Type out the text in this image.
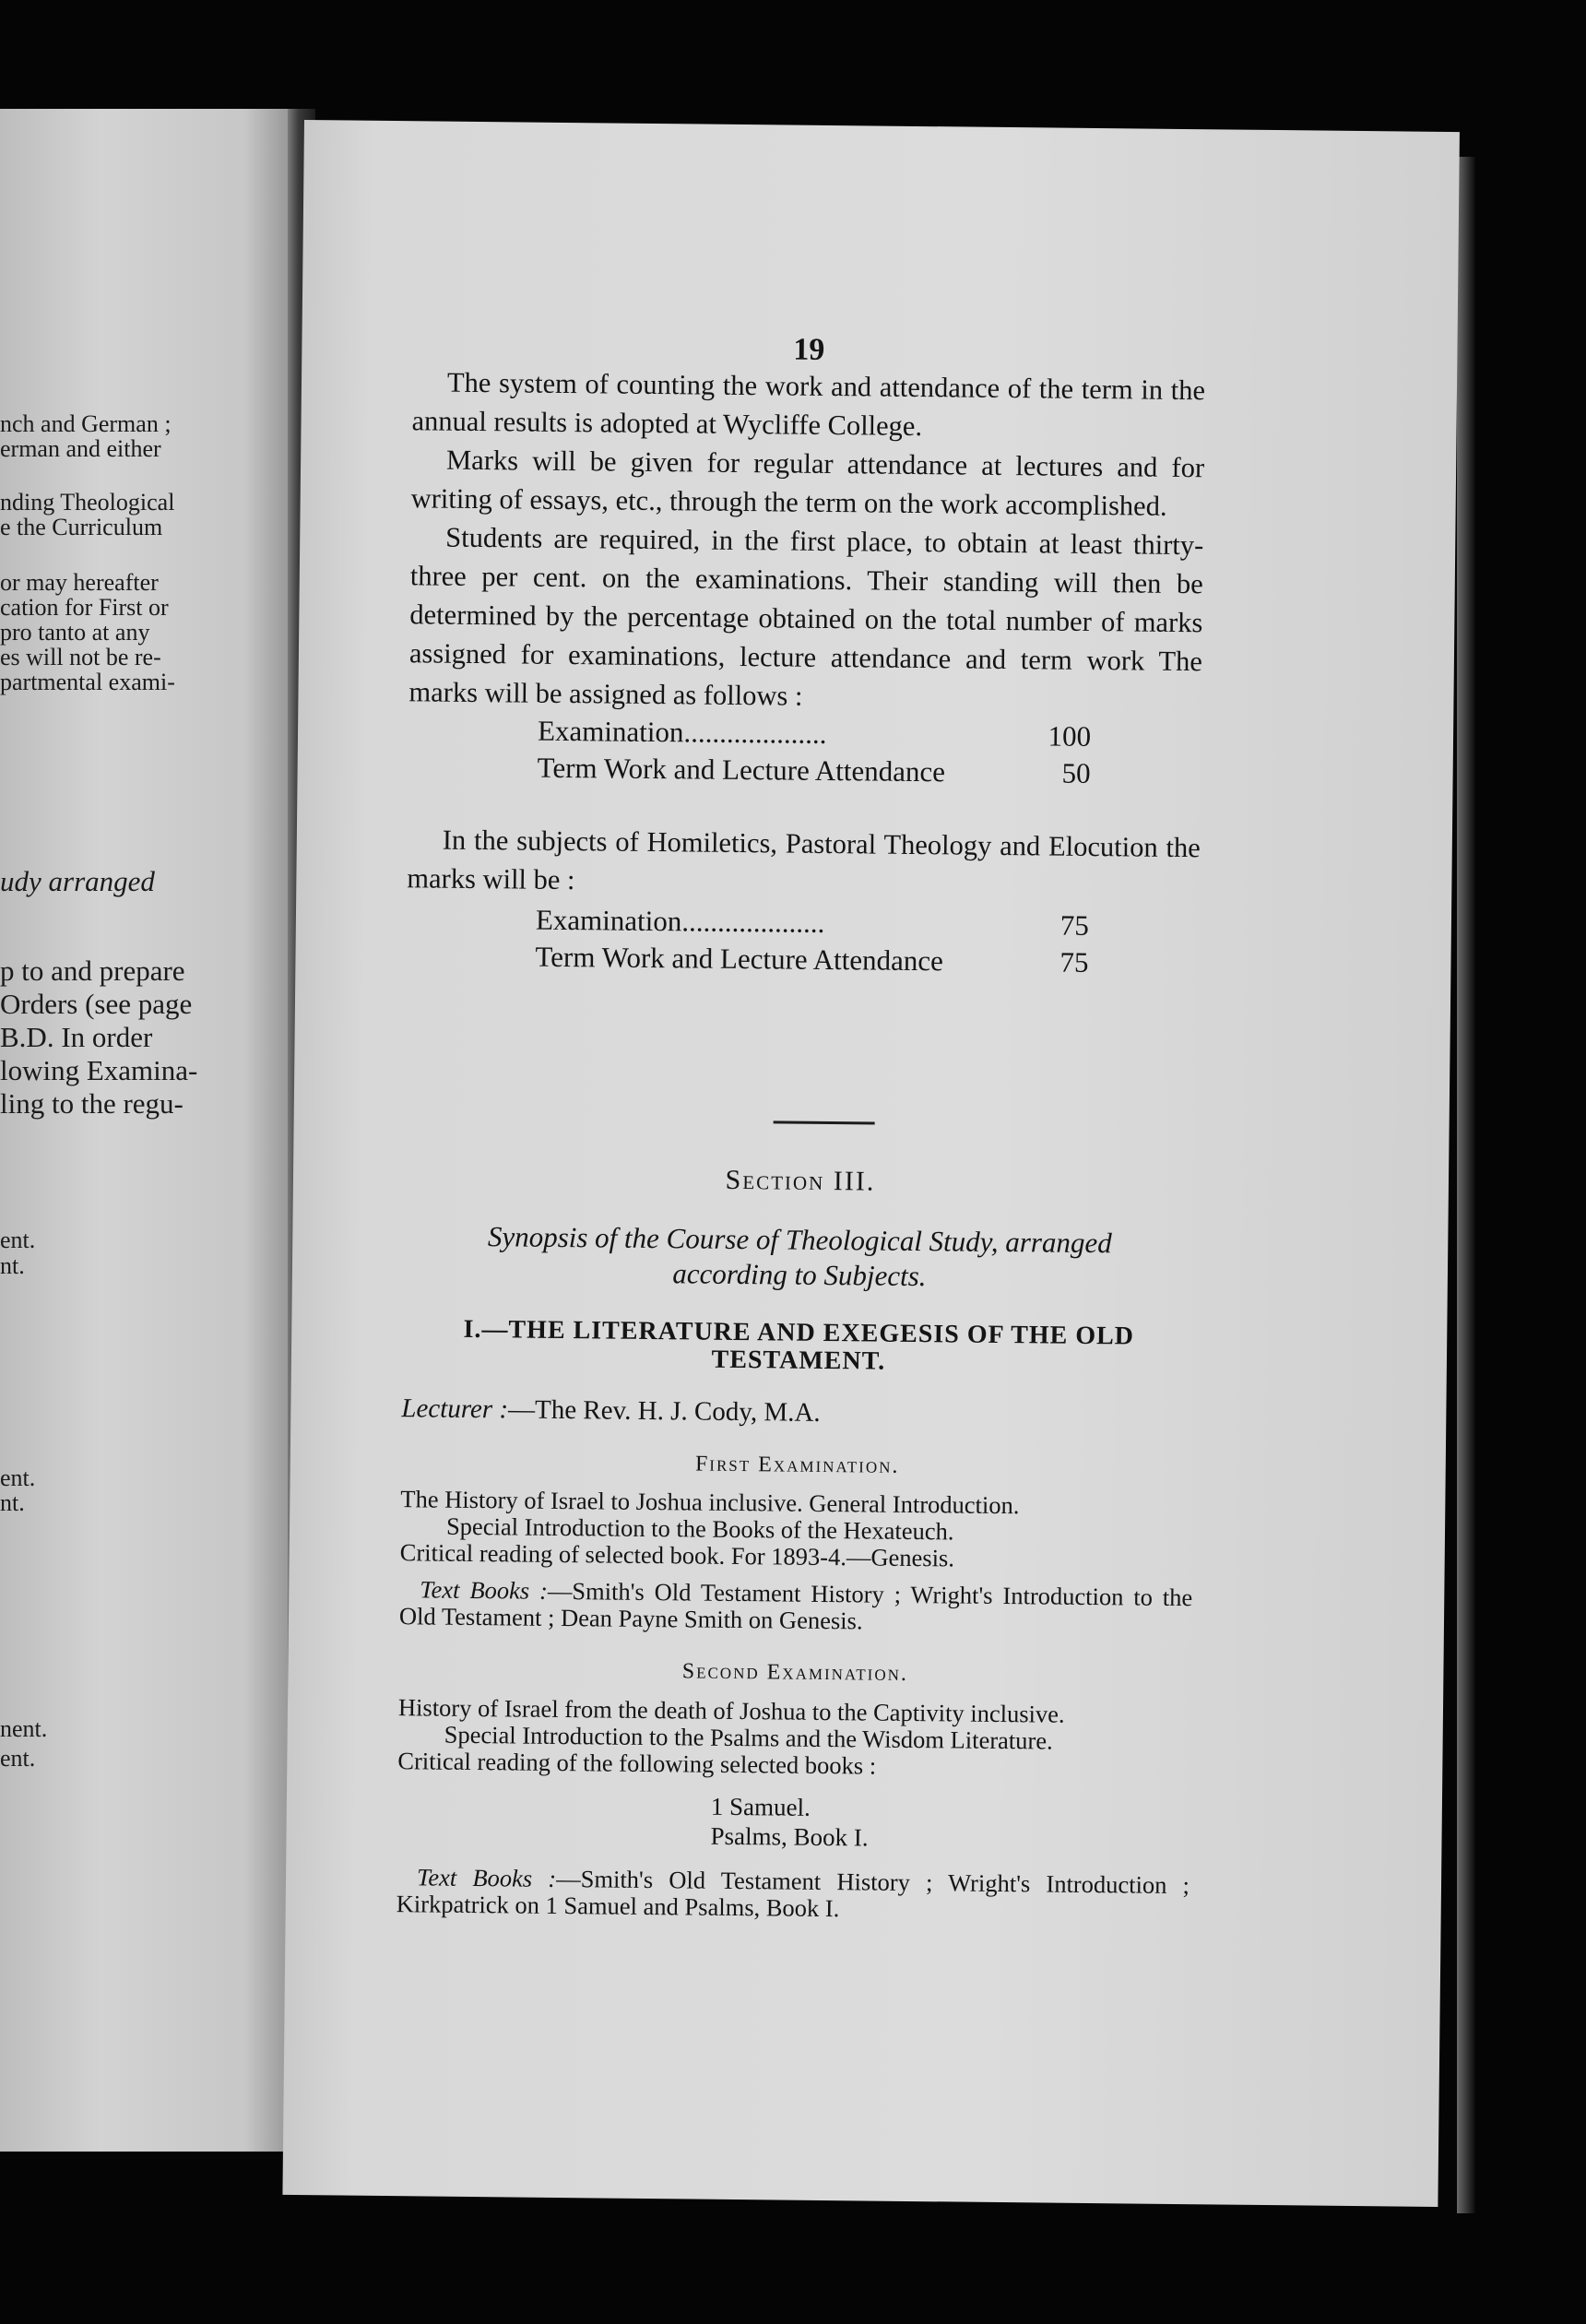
nch and German ;
erman and either
nding Theological
e the Curriculum
or may hereafter
cation for First or
pro tanto at any
es will not be re-
partmental exami-
udy arranged
p to and prepare
Orders (see page
B.D. In order
lowing Examina-
ling to the regu-
ent.
nt.
ent.
nt.
nent.
ent.
19

The system of counting the work and attendance of the term in the annual results is adopted at Wycliffe College.

Marks will be given for regular attendance at lectures and for writing of essays, etc., through the term on the work accomplished.

Students are required, in the first place, to obtain at least thirty-three per cent. on the examinations. Their standing will then be determined by the percentage obtained on the total number of marks assigned for examinations, lecture attendance and term work The marks will be assigned as follows :

Examination ....................	100
Term Work and Lecture Attendance	50

In the subjects of Homiletics, Pastoral Theology and Elocution the marks will be :

Examination ....................	75
Term Work and Lecture Attendance	75
Section III.
Synopsis of the Course of Theological Study, arranged
according to Subjects.
I.—THE LITERATURE AND EXEGESIS OF THE OLD
TESTAMENT.
Lecturer :—The Rev. H. J. Cody, M.A.
First Examination.

The History of Israel to Joshua inclusive. General Introduction.
Special Introduction to the Books of the Hexateuch.
Critical reading of selected book. For 1893-4.—Genesis.

Text Books :—Smith's Old Testament History ; Wright's Introduction to the Old Testament ; Dean Payne Smith on Genesis.

Second Examination.

History of Israel from the death of Joshua to the Captivity inclusive.
Special Introduction to the Psalms and the Wisdom Literature.
Critical reading of the following selected books :

1 Samuel.
Psalms, Book I.

Text Books :—Smith's Old Testament History ; Wright's Introduction ; Kirkpatrick on 1 Samuel and Psalms, Book I.
